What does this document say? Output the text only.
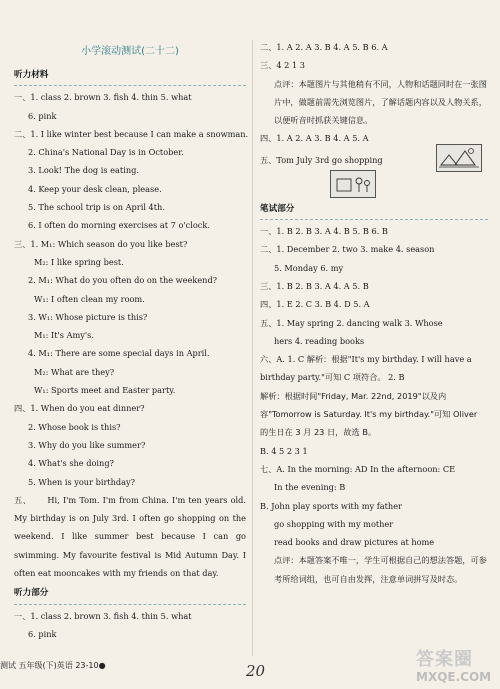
小学滚动测试(二十二)
听力材料
一、1. class 2. brown 3. fish 4. thin 5. what
6. pink
二、1. I like winter best because I can make a snowman.
2. China's National Day is in October.
3. Look! The dog is eating.
4. Keep your desk clean, please.
5. The school trip is on April 4th.
6. I often do morning exercises at 7 o'clock.
三、1. M₁: Which season do you like best?
M₂: I like spring best.
2. M₁: What do you often do on the weekend?
W₁: I often clean my room.
3. W₁: Whose picture is this?
M₁: It's Amy's.
4. M₁: There are some special days in April.
M₂: What are they?
W₁: Sports meet and Easter party.
四、1. When do you eat dinner?
2. Whose book is this?
3. Why do you like summer?
4. What's she doing?
5. When is your birthday?
五、 Hi, I'm Tom. I'm from China. I'm ten years old. My birthday is on July 3rd. I often go shopping on the weekend. I like summer best because I can go swimming. My favourite festival is Mid Autumn Day. I often eat mooncakes with my friends on that day.
听力部分
一、1. class 2. brown 3. fish 4. thin 5. what
6. pink
二、1. A 2. A 3. B 4. A 5. B 6. A
三、4 2 1 3
点评：本题图片与其他稍有不同，人物和话题同时在一张图片中，做题前需先浏览图片，了解话题内容以及人物关系，以便听音时抓获关键信息。
四、1. A 2. A 3. B 4. A 5. A
五、Tom July 3rd go shopping
笔试部分
一、1. B 2. B 3. A 4. B 5. B 6. B
二、1. December 2. two 3. make 4. season
5. Monday 6. my
三、1. B 2. B 3. A 4. A 5. B
四、1. E 2. C 3. B 4. D 5. A
五、1. May spring 2. dancing walk 3. Whose
hers 4. reading books
六、A. 1. C 解析：根据"It's my birthday. I will have a birthday party."可知 C 项符合。 2. B
解析：根据时间"Friday, Mar. 22nd, 2019"以及内容"Tomorrow is Saturday. It's my birthday."可知 Oliver 的生日在 3 月 23 日，故选 B。
B. 4 5 2 3 1
七、A. In the morning: AD In the afternoon: CE
In the evening: B
B. John play sports with my father
go shopping with my mother
read books and draw pictures at home
点评：本题答案不唯一，学生可根据自己的想法答题，可参考所给词组，也可自由发挥，注意单词拼写及时态。
测试 五年级(下)英语 23-10●	20
答案圈
MXQE.COM
